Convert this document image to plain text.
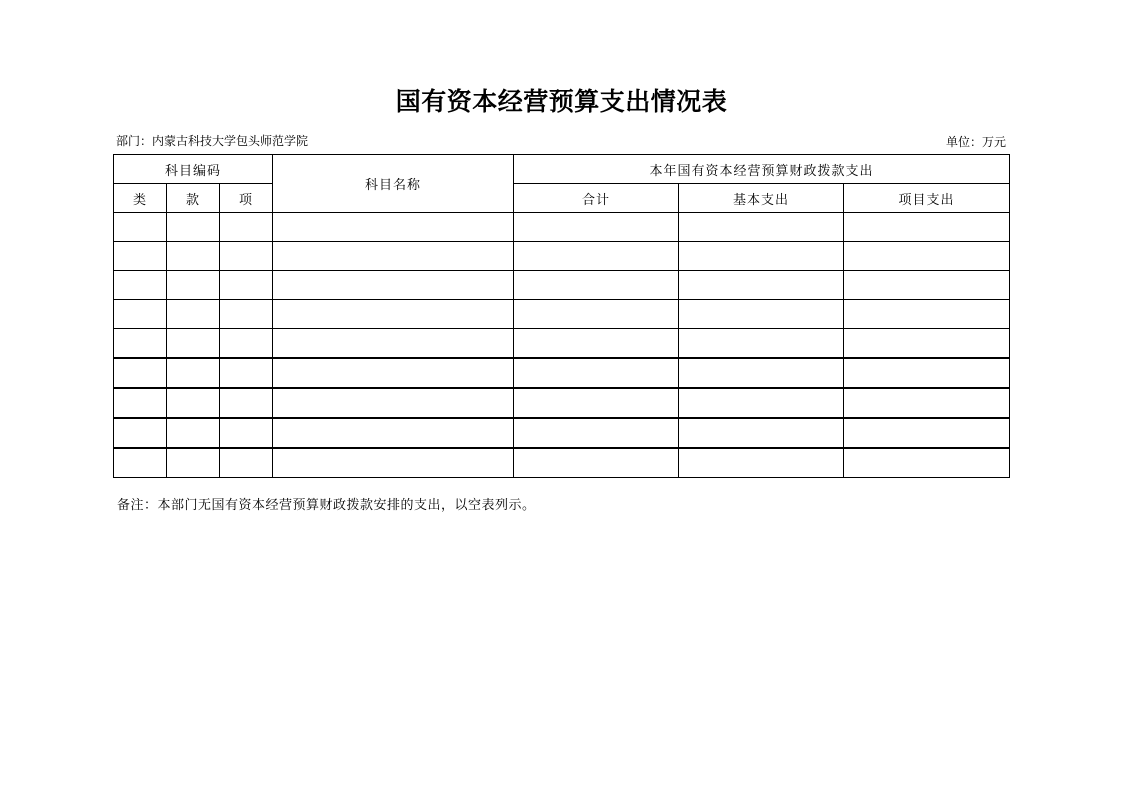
国有资本经营预算支出情况表
部门：内蒙古科技大学包头师范学院	单位：万元
科目编码			科目名称	本年国有资本经营预算财政拨款支出		
类	款	项		合计	基本支出	项目支出

备注：本部门无国有资本经营预算财政拨款安排的支出，以空表列示。
